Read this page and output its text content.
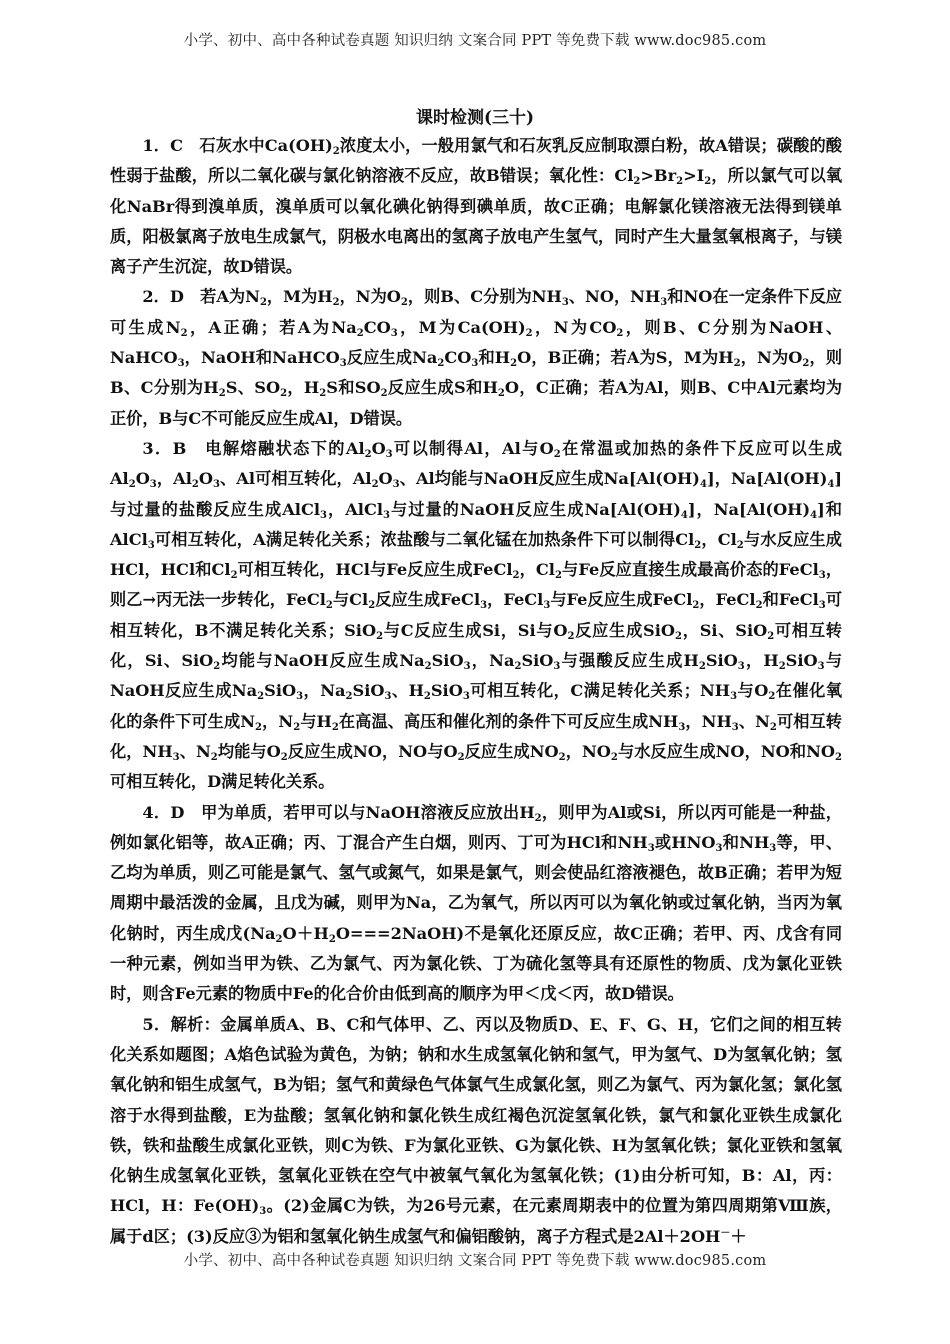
小学、初中、高中各种试卷真题 知识归纳 文案合同 PPT 等免费下载 www.doc985.com
课时检测(三十)

1．C　石灰水中$Ca(OH)_2$浓度太小，一般用氯气和石灰乳反应制取漂白粉，故A错误；碳酸的酸性弱于盐酸，所以二氧化碳与氯化钠溶液不反应，故B错误；氧化性：$Cl_2>Br_2>I_2$，所以氯气可以氧化NaBr得到溴单质，溴单质可以氧化碘化钠得到碘单质，故C正确；电解氯化镁溶液无法得到镁单质，阳极氯离子放电生成氯气，阴极水电离出的氢离子放电产生氢气，同时产生大量氢氧根离子，与镁离子产生沉淀，故D错误。

2．D　若A为$N_2$，M为$H_2$，N为$O_2$，则B、C分别为$NH_3$、NO，$NH_3$和NO在一定条件下反应可生成$N_2$，A正确；若A为$Na_2CO_3$，M为$Ca(OH)_2$，N为$CO_2$，则B、C分别为NaOH、NaHCO$_3$，NaOH和NaHCO$_3$反应生成$Na_2CO_3$和$H_2O$，B正确；若A为S，M为$H_2$，N为$O_2$，则B、C分别为$H_2S$、$SO_2$，$H_2S$和$SO_2$反应生成S和$H_2O$，C正确；若A为Al，则B、C中Al元素均为正价，B与C不可能反应生成Al，D错误。

3．B　电解熔融状态下的$Al_2O_3$可以制得Al，Al与$O_2$在常温或加热的条件下反应可以生成$Al_2O_3$，$Al_2O_3$、Al可相互转化，$Al_2O_3$、Al均能与NaOH反应生成$Na[Al(OH)_4]$，$Na[Al(OH)_4]$与过量的盐酸反应生成AlCl$_3$，AlCl$_3$与过量的NaOH反应生成$Na[Al(OH)_4]$，$Na[Al(OH)_4]$和AlCl$_3$可相互转化，A满足转化关系；浓盐酸与二氧化锰在加热条件下可以制得$Cl_2$，$Cl_2$与水反应生成HCl，HCl和$Cl_2$可相互转化，HCl与Fe反应生成FeCl$_2$，$Cl_2$与Fe反应直接生成最高价态的FeCl$_3$，则乙→丙无法一步转化，FeCl$_2$与$Cl_2$反应生成FeCl$_3$，FeCl$_3$与Fe反应生成FeCl$_2$，FeCl$_2$和FeCl$_3$可相互转化，B不满足转化关系；SiO$_2$与C反应生成Si，Si与$O_2$反应生成SiO$_2$，Si、SiO$_2$可相互转化，Si、SiO$_2$均能与NaOH反应生成$Na_2SiO_3$，$Na_2SiO_3$与强酸反应生成$H_2SiO_3$，$H_2SiO_3$与NaOH反应生成$Na_2SiO_3$，$Na_2SiO_3$、$H_2SiO_3$可相互转化，C满足转化关系；$NH_3$与$O_2$在催化氧化的条件下可生成$N_2$，$N_2$与$H_2$在高温、高压和催化剂的条件下可反应生成$NH_3$，$NH_3$、$N_2$可相互转化，$NH_3$、$N_2$均能与$O_2$反应生成NO，NO与$O_2$反应生成$NO_2$，$NO_2$与水反应生成NO，NO和$NO_2$可相互转化，D满足转化关系。

4．D　甲为单质，若甲可以与NaOH溶液反应放出$H_2$，则甲为Al或Si，所以丙可能是一种盐，例如氯化铝等，故A正确；丙、丁混合产生白烟，则丙、丁可为HCl和$NH_3$或$HNO_3$和$NH_3$等，甲、乙均为单质，则乙可能是氯气、氢气或氮气，如果是氯气，则会使品红溶液褪色，故B正确；若甲为短周期中最活泼的金属，且戊为碱，则甲为Na，乙为氧气，所以丙可以为氧化钠或过氧化钠，当丙为氧化钠时，丙生成戊$(Na_2O+H_2O===2NaOH)$不是氧化还原反应，故C正确；若甲、丙、戊含有同一种元素，例如当甲为铁、乙为氯气、丙为氯化铁、丁为硫化氢等具有还原性的物质、戊为氯化亚铁时，则含Fe元素的物质中Fe的化合价由低到高的顺序为甲＜戊＜丙，故D错误。

5．解析：金属单质A、B、C和气体甲、乙、丙以及物质D、E、F、G、H，它们之间的相互转化关系如题图；A焰色试验为黄色，为钠；钠和水生成氢氧化钠和氢气，甲为氢气、D为氢氧化钠；氢氧化钠和铝生成氢气，B为铝；氢气和黄绿色气体氯气生成氯化氢，则乙为氯气、丙为氯化氢；氯化氢溶于水得到盐酸，E为盐酸；氢氧化钠和氯化铁生成红褐色沉淀氢氧化铁，氯气和氯化亚铁生成氯化铁，铁和盐酸生成氯化亚铁，则C为铁、F为氯化亚铁、G为氯化铁、H为氢氧化铁；氯化亚铁和氢氧化钠生成氢氧化亚铁，氢氧化亚铁在空气中被氧气氧化为氢氧化铁；(1)由分析可知，B：Al，丙：HCl，H：$Fe(OH)_3$。(2)金属C为铁，为26号元素，在元素周期表中的位置为第四周期第Ⅷ族，属于d区；(3)反应③为铝和氢氧化钠生成氢气和偏铝酸钠，离子方程式是2Al＋2OH－＋

小学、初中、高中各种试卷真题 知识归纳 文案合同 PPT 等免费下载 www.doc985.com
